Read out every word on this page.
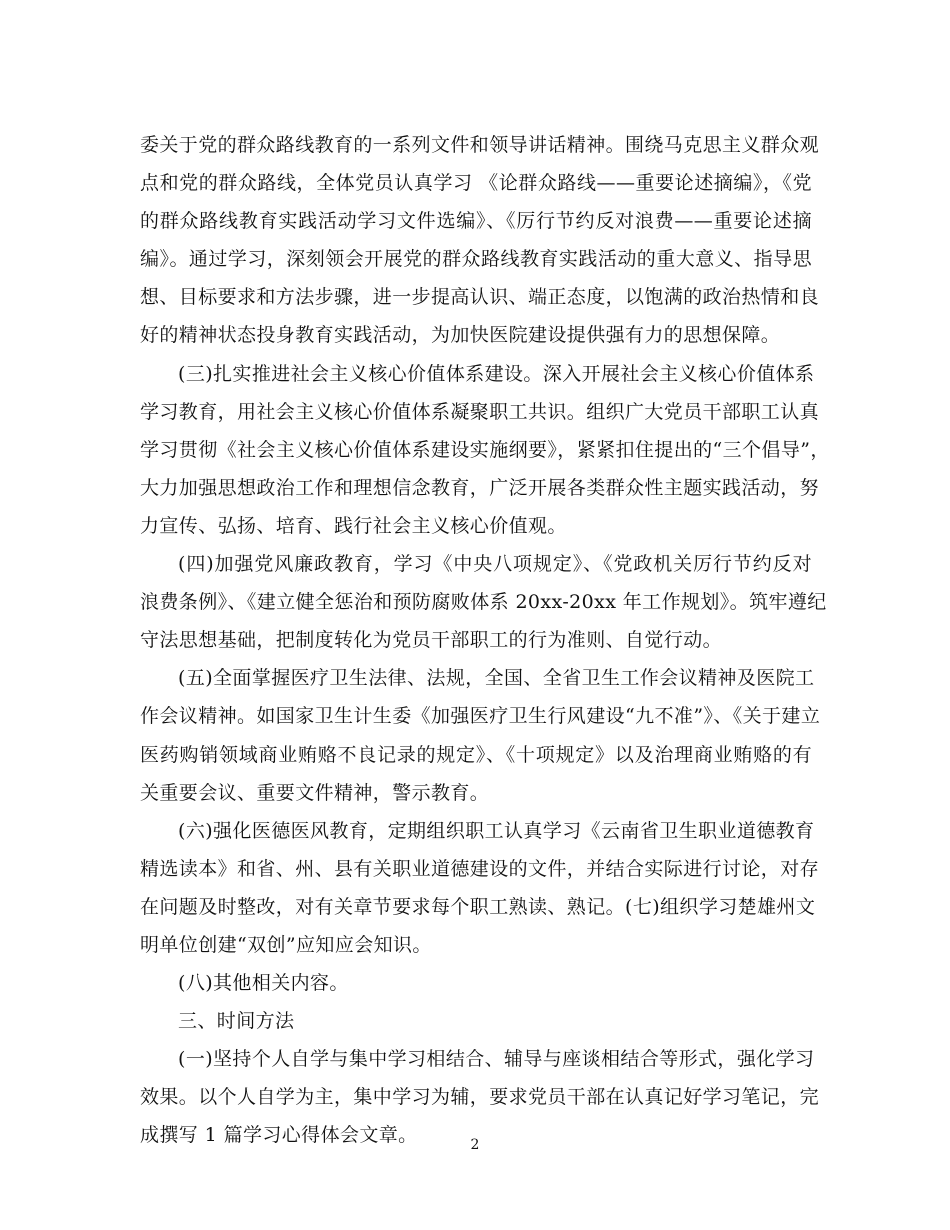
委关于党的群众路线教育的一系列文件和领导讲话精神。围绕马克思主义群众观
点和党的群众路线，全体党员认真学习 《论群众路线——重要论述摘编》，《党
的群众路线教育实践活动学习文件选编》、《厉行节约反对浪费——重要论述摘
编》。通过学习，深刻领会开展党的群众路线教育实践活动的重大意义、指导思
想、目标要求和方法步骤，进一步提高认识、端正态度，以饱满的政治热情和良
好的精神状态投身教育实践活动，为加快医院建设提供强有力的思想保障。
(三)扎实推进社会主义核心价值体系建设。深入开展社会主义核心价值体系
学习教育，用社会主义核心价值体系凝聚职工共识。组织广大党员干部职工认真
学习贯彻《社会主义核心价值体系建设实施纲要》，紧紧扣住提出的“三个倡导”，
大力加强思想政治工作和理想信念教育，广泛开展各类群众性主题实践活动，努
力宣传、弘扬、培育、践行社会主义核心价值观。
(四)加强党风廉政教育，学习《中央八项规定》、《党政机关厉行节约反对
浪费条例》、《建立健全惩治和预防腐败体系 20xx-20xx 年工作规划》。筑牢遵纪
守法思想基础，把制度转化为党员干部职工的行为准则、自觉行动。
(五)全面掌握医疗卫生法律、法规，全国、全省卫生工作会议精神及医院工
作会议精神。如国家卫生计生委《加强医疗卫生行风建设“九不准”》、《关于建立
医药购销领域商业贿赂不良记录的规定》、《十项规定》以及治理商业贿赂的有
关重要会议、重要文件精神，警示教育。
(六)强化医德医风教育，定期组织职工认真学习《云南省卫生职业道德教育
精选读本》和省、州、县有关职业道德建设的文件，并结合实际进行讨论，对存
在问题及时整改，对有关章节要求每个职工熟读、熟记。(七)组织学习楚雄州文
明单位创建“双创”应知应会知识。
(八)其他相关内容。
三、时间方法
(一)坚持个人自学与集中学习相结合、辅导与座谈相结合等形式，强化学习
效果。以个人自学为主，集中学习为辅，要求党员干部在认真记好学习笔记，完
成撰写 1 篇学习心得体会文章。	2
